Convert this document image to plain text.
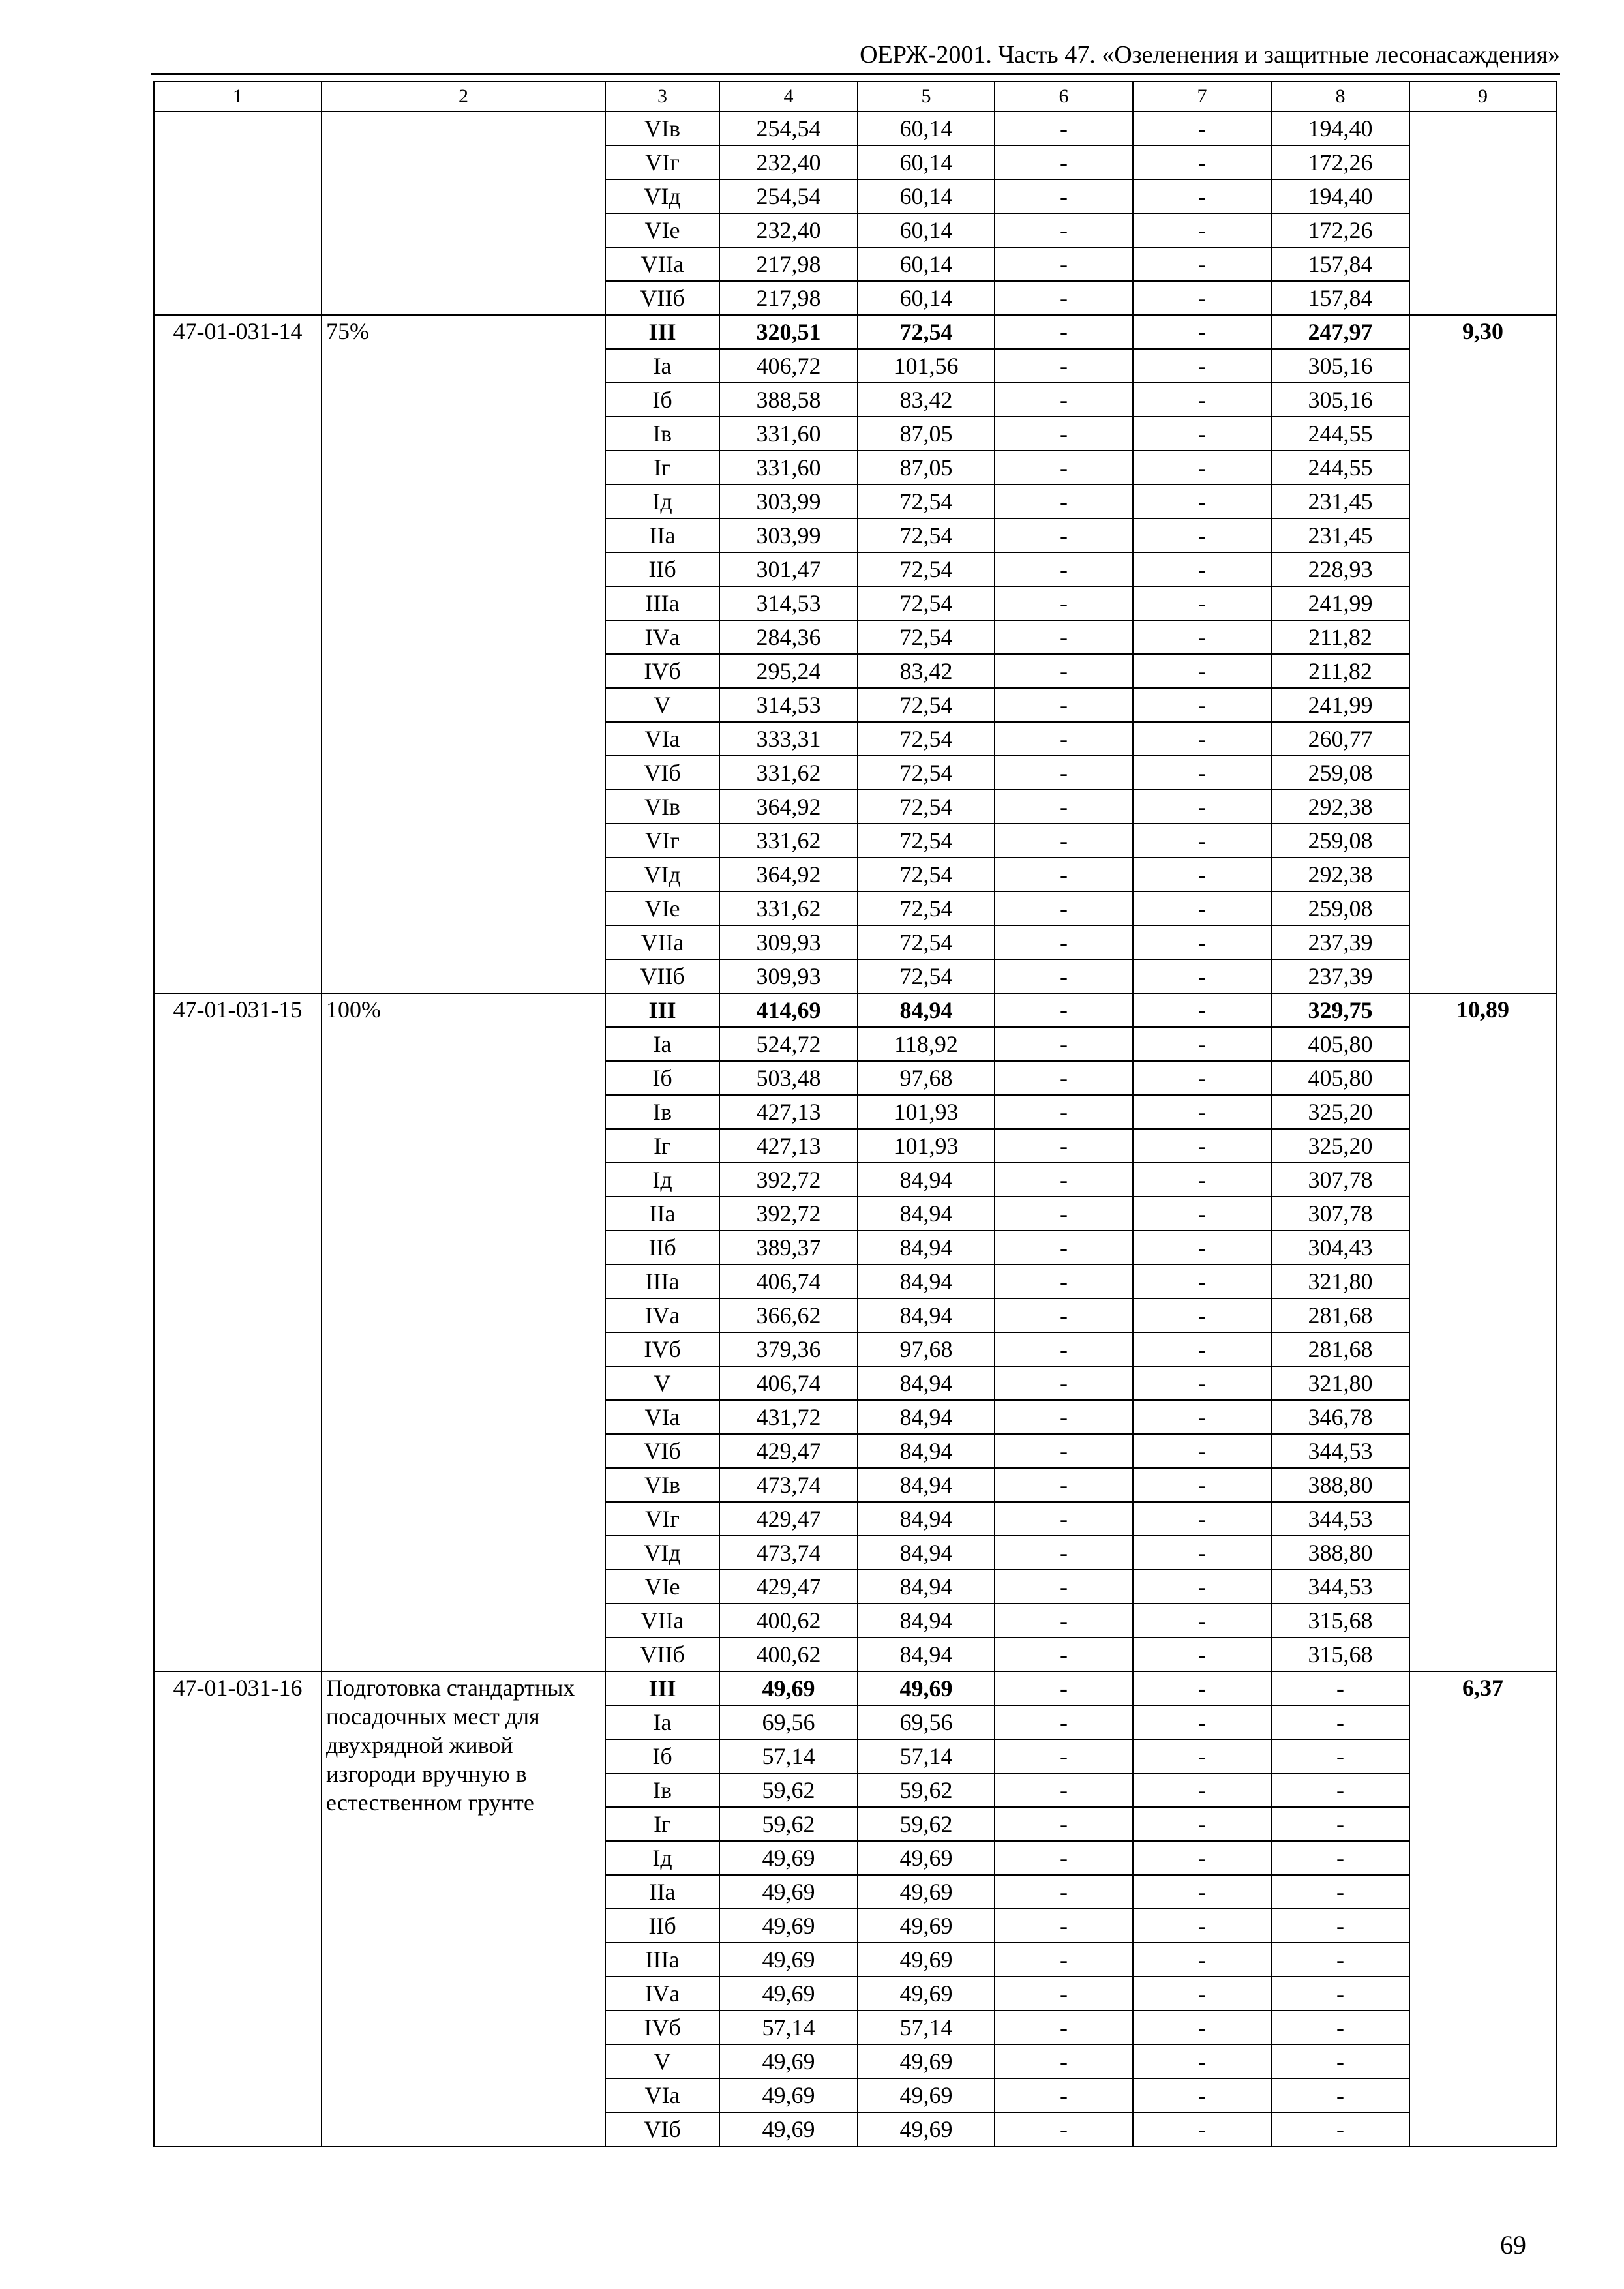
ОЕРЖ-2001. Часть 47. «Озеленения и защитные лесонасаждения»
1	2	3	4	5	6	7	8	9
		VIв	254,54	60,14	-	-	194,40	
		VIг	232,40	60,14	-	-	172,26	
		VIд	254,54	60,14	-	-	194,40	
		VIе	232,40	60,14	-	-	172,26	
		VIIа	217,98	60,14	-	-	157,84	
		VIIб	217,98	60,14	-	-	157,84	
47-01-031-14	75%	III	320,51	72,54	-	-	247,97	9,30
		Iа	406,72	101,56	-	-	305,16	
		Iб	388,58	83,42	-	-	305,16	
		Iв	331,60	87,05	-	-	244,55	
		Iг	331,60	87,05	-	-	244,55	
		Iд	303,99	72,54	-	-	231,45	
		IIа	303,99	72,54	-	-	231,45	
		IIб	301,47	72,54	-	-	228,93	
		IIIа	314,53	72,54	-	-	241,99	
		IVа	284,36	72,54	-	-	211,82	
		IVб	295,24	83,42	-	-	211,82	
		V	314,53	72,54	-	-	241,99	
		VIа	333,31	72,54	-	-	260,77	
		VIб	331,62	72,54	-	-	259,08	
		VIв	364,92	72,54	-	-	292,38	
		VIг	331,62	72,54	-	-	259,08	
		VIд	364,92	72,54	-	-	292,38	
		VIе	331,62	72,54	-	-	259,08	
		VIIа	309,93	72,54	-	-	237,39	
		VIIб	309,93	72,54	-	-	237,39	
47-01-031-15	100%	III	414,69	84,94	-	-	329,75	10,89
		Iа	524,72	118,92	-	-	405,80	
		Iб	503,48	97,68	-	-	405,80	
		Iв	427,13	101,93	-	-	325,20	
		Iг	427,13	101,93	-	-	325,20	
		Iд	392,72	84,94	-	-	307,78	
		IIа	392,72	84,94	-	-	307,78	
		IIб	389,37	84,94	-	-	304,43	
		IIIа	406,74	84,94	-	-	321,80	
		IVа	366,62	84,94	-	-	281,68	
		IVб	379,36	97,68	-	-	281,68	
		V	406,74	84,94	-	-	321,80	
		VIа	431,72	84,94	-	-	346,78	
		VIб	429,47	84,94	-	-	344,53	
		VIв	473,74	84,94	-	-	388,80	
		VIг	429,47	84,94	-	-	344,53	
		VIд	473,74	84,94	-	-	388,80	
		VIе	429,47	84,94	-	-	344,53	
		VIIа	400,62	84,94	-	-	315,68	
		VIIб	400,62	84,94	-	-	315,68	
47-01-031-16	Подготовка стандартных посадочных мест для двухрядной живой изгороди вручную в естественном грунте	III	49,69	49,69	-	-	-	6,37
		Iа	69,56	69,56	-	-	-	
		Iб	57,14	57,14	-	-	-	
		Iв	59,62	59,62	-	-	-	
		Iг	59,62	59,62	-	-	-	
		Iд	49,69	49,69	-	-	-	
		IIа	49,69	49,69	-	-	-	
		IIб	49,69	49,69	-	-	-	
		IIIа	49,69	49,69	-	-	-	
		IVа	49,69	49,69	-	-	-	
		IVб	57,14	57,14	-	-	-	
		V	49,69	49,69	-	-	-	
		VIа	49,69	49,69	-	-	-	
		VIб	49,69	49,69	-	-	-	
69
